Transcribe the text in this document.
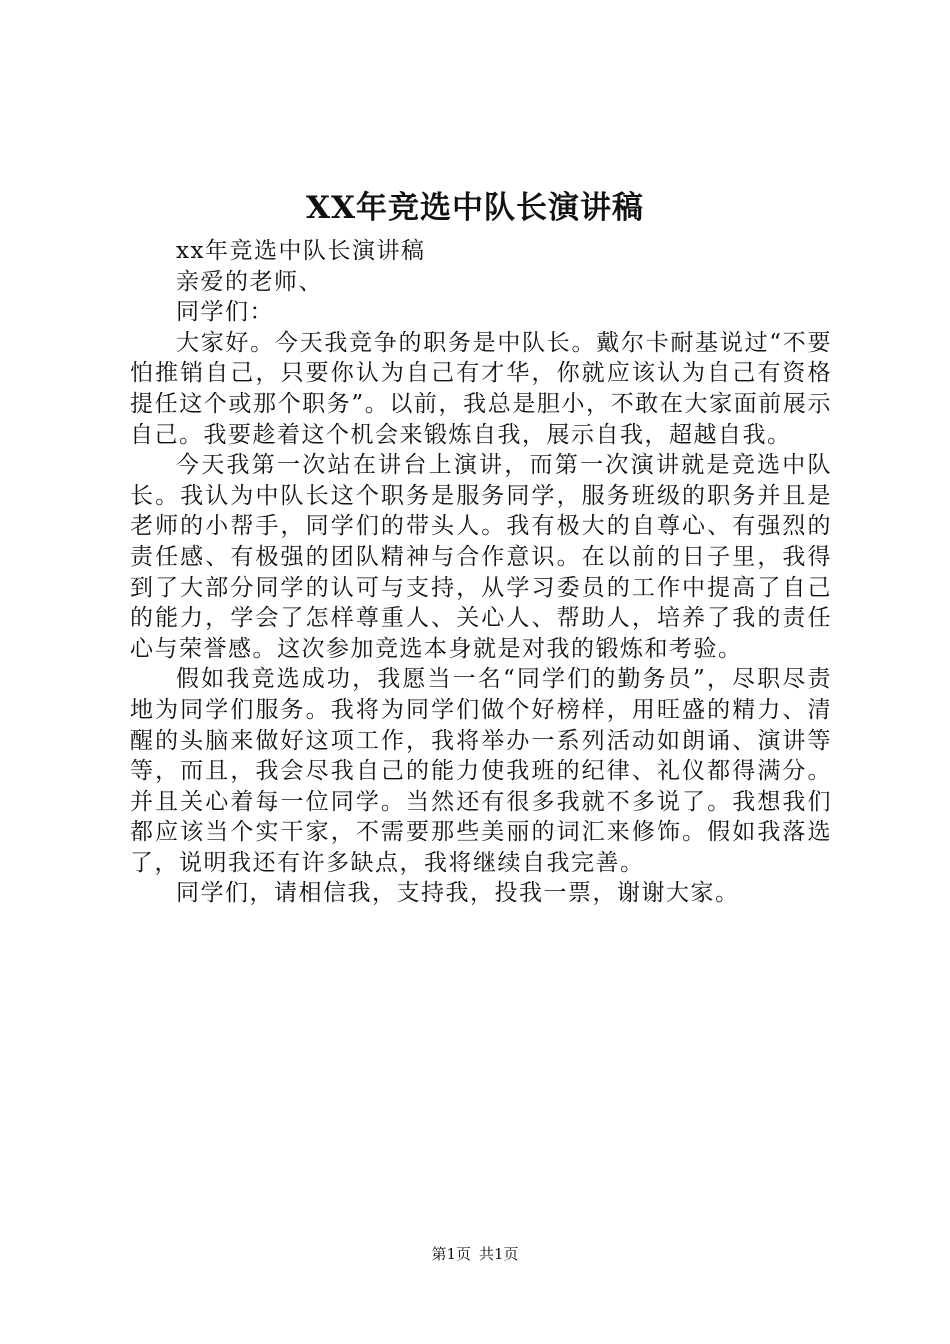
XX年竞选中队长演讲稿

xx年竞选中队长演讲稿

亲爱的老师、

同学们：

大家好。今天我竞争的职务是中队长。戴尔卡耐基说过“不要怕推销自己，只要你认为自己有才华，你就应该认为自己有资格提任这个或那个职务”。以前，我总是胆小，不敢在大家面前展示自己。我要趁着这个机会来锻炼自我，展示自我，超越自我。

今天我第一次站在讲台上演讲，而第一次演讲就是竞选中队长。我认为中队长这个职务是服务同学，服务班级的职务并且是老师的小帮手，同学们的带头人。我有极大的自尊心、有强烈的责任感、有极强的团队精神与合作意识。在以前的日子里，我得到了大部分同学的认可与支持，从学习委员的工作中提高了自己的能力，学会了怎样尊重人、关心人、帮助人，培养了我的责任心与荣誉感。这次参加竞选本身就是对我的锻炼和考验。

假如我竞选成功，我愿当一名“同学们的勤务员”，尽职尽责地为同学们服务。我将为同学们做个好榜样，用旺盛的精力、清醒的头脑来做好这项工作，我将举办一系列活动如朗诵、演讲等等，而且，我会尽我自己的能力使我班的纪律、礼仪都得满分。并且关心着每一位同学。当然还有很多我就不多说了。我想我们都应该当个实干家，不需要那些美丽的词汇来修饰。假如我落选了，说明我还有许多缺点，我将继续自我完善。

同学们，请相信我，支持我，投我一票，谢谢大家。

第1页 共1页
